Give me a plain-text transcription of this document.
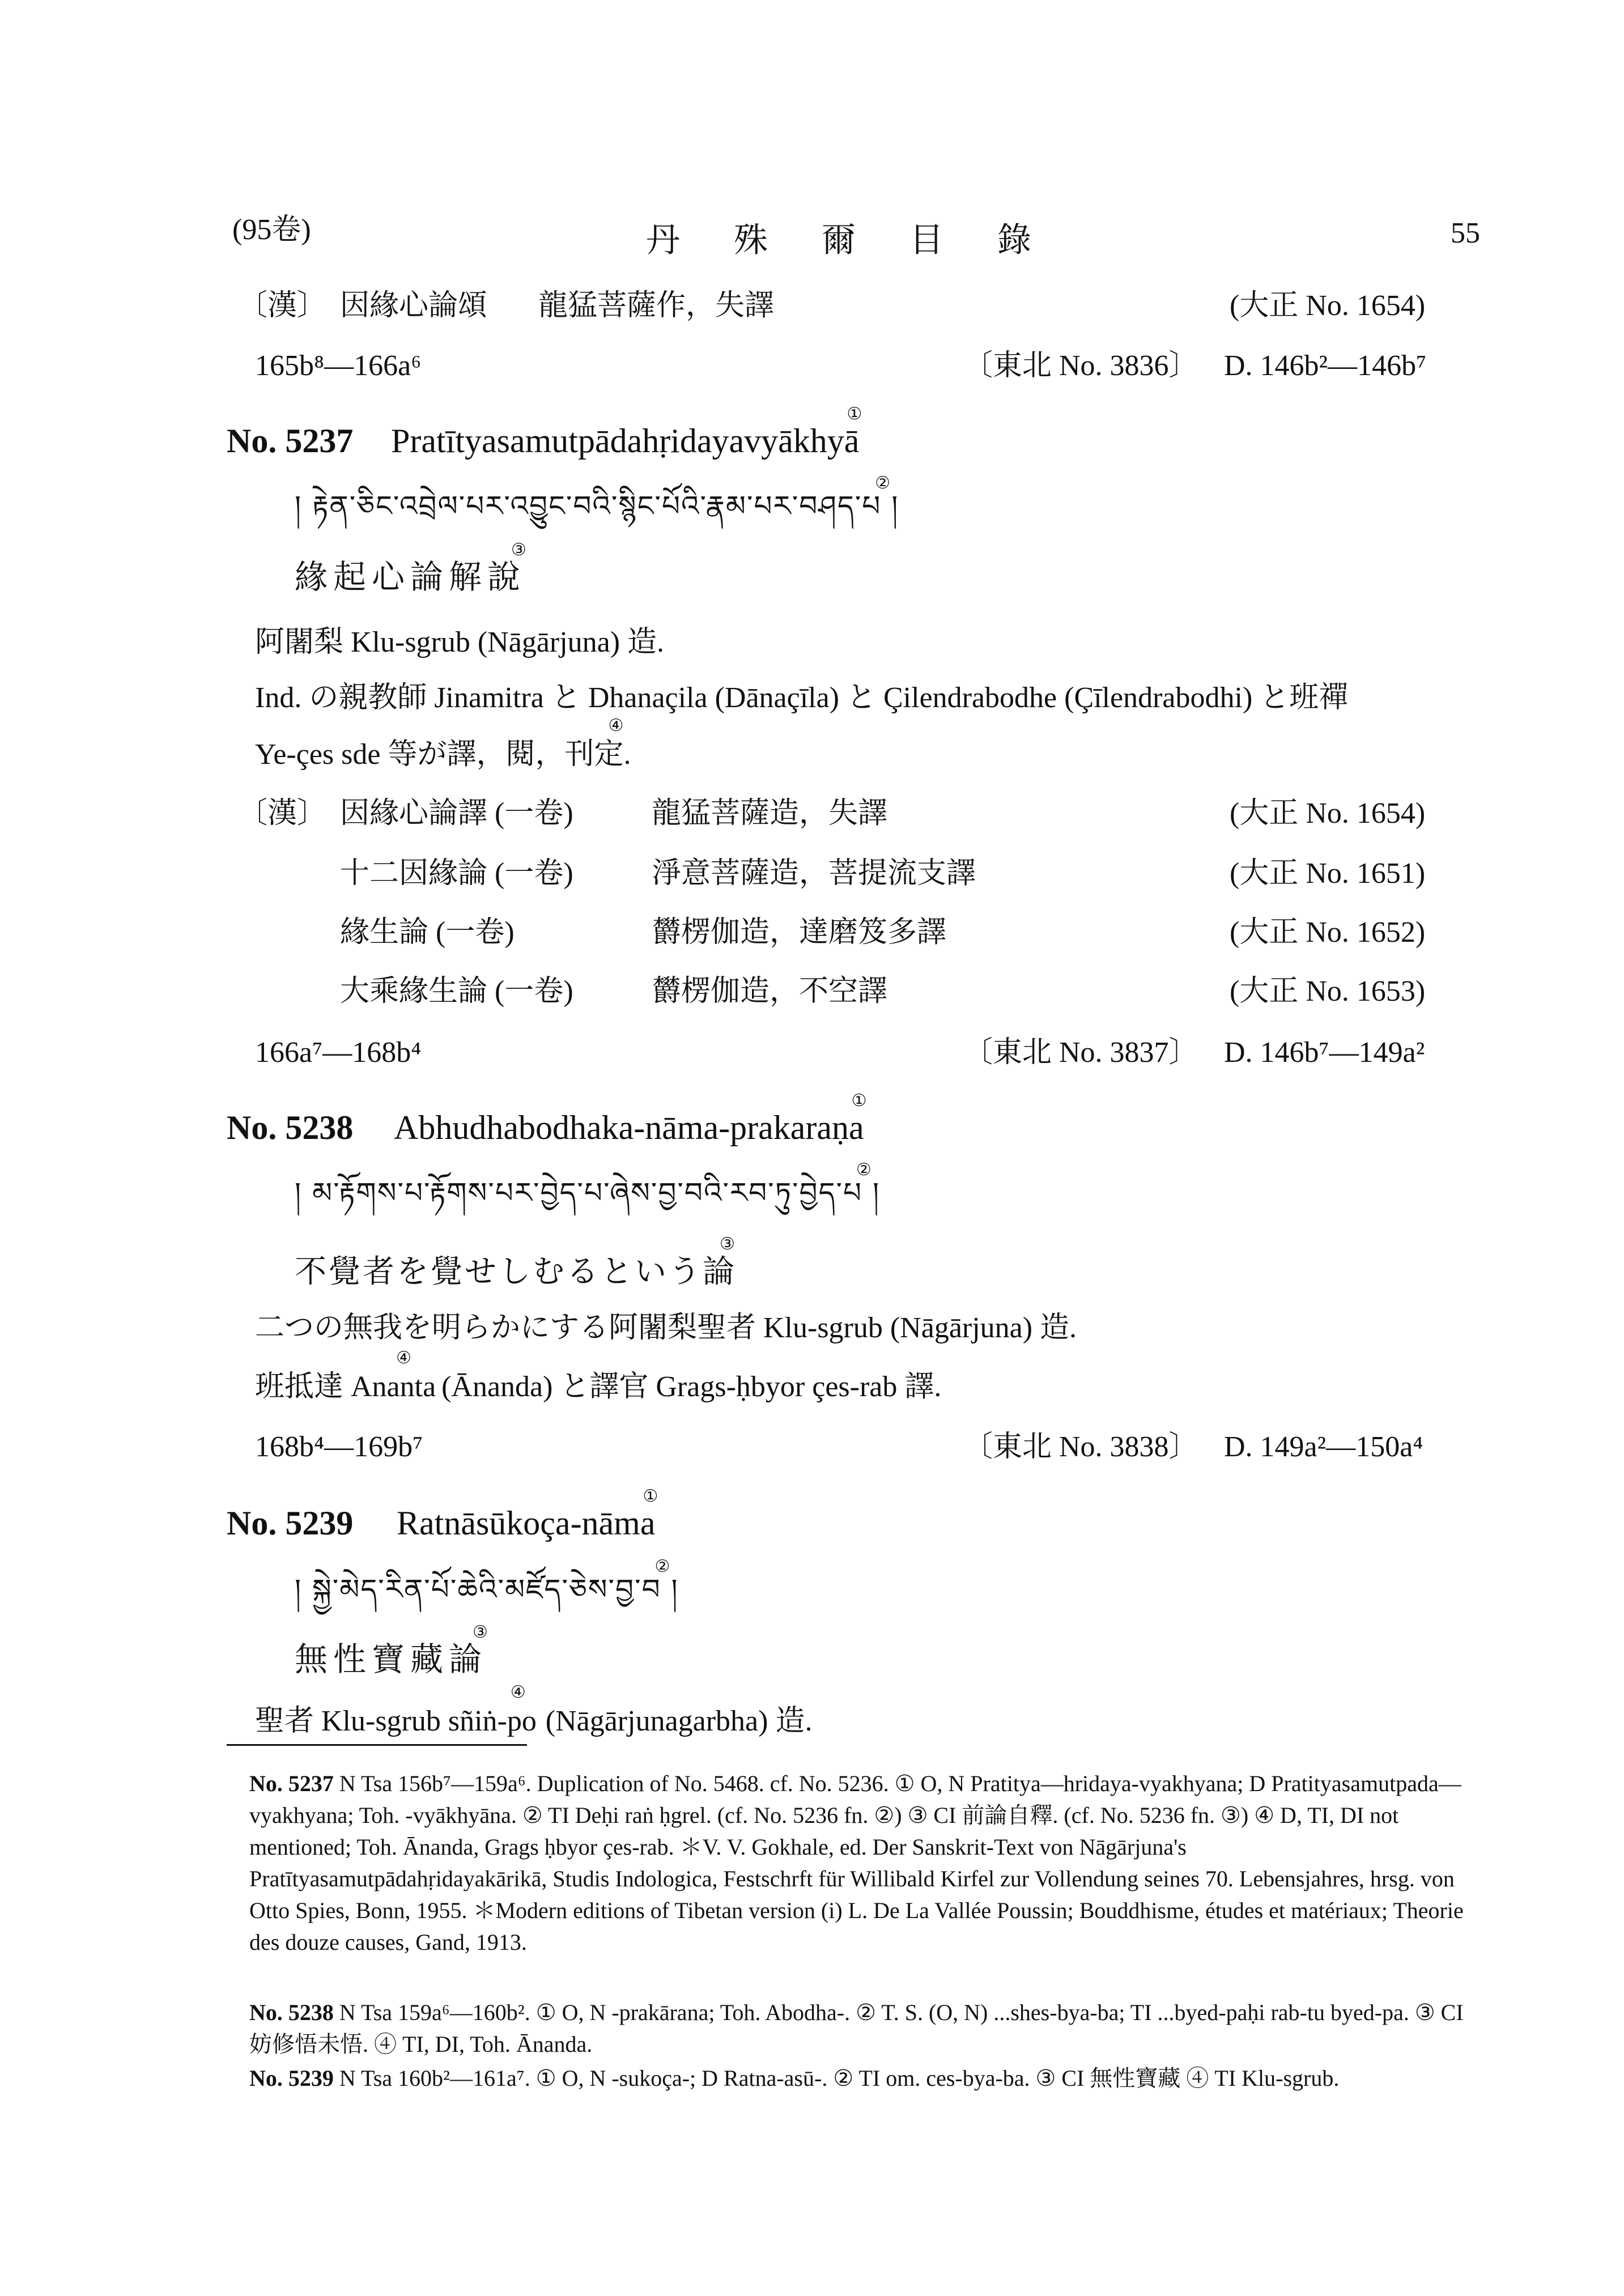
(95卷)	丹 殊 爾 目 錄	55
〔漢〕 因緣心論頌 龍猛菩薩作，失譯	(大正 No. 1654)
165b⁸—166a⁶	〔東北 No. 3836〕 D. 146b²—146b⁷
No. 5237 Pratītyasamutpādahṛidayavyākhyā①
། རྟེན་ཅིང་འབྲེལ་པར་འབྱུང་བའི་སྙིང་པོའི་རྣམ་པར་བཤད་པ ། ②
緣起心論解說③
阿闍梨 Klu-sgrub (Nāgārjuna) 造.
Ind. の親教師 Jinamitra と Dhanaçila (Dānaçīla) と Çilendrabodhe (Çīlendrabodhi) と班禪
Ye-çes sde 等が譯，閱，刊定.④
〔漢〕 因緣心論譯 (一卷)	龍猛菩薩造，失譯	(大正 No. 1654)
十二因緣論 (一卷)	淨意菩薩造，菩提流支譯	(大正 No. 1651)
緣生論 (一卷)	欝楞伽造，達磨笈多譯	(大正 No. 1652)
大乘緣生論 (一卷)	欝楞伽造，不空譯	(大正 No. 1653)
166a⁷—168b⁴	〔東北 No. 3837〕 D. 146b⁷—149a²
No. 5238 Abhudhabodhaka-nāma-prakaraṇa①
། མ་རྟོགས་པ་རྟོགས་པར་བྱེད་པ་ཞེས་བྱ་བའི་རབ་ཏུ་བྱེད་པ ། ②
不覺者を覺せしむるという論③
二つの無我を明らかにする阿闍梨聖者 Klu-sgrub (Nāgārjuna) 造.
班抵達 Ananta④ (Ānanda) と譯官 Grags-ḥbyor çes-rab 譯.
168b⁴—169b⁷	〔東北 No. 3838〕 D. 149a²—150a⁴
No. 5239 Ratnāsūkoça-nāma①
། སྐྱེ་མེད་རིན་པོ་ཆེའི་མཛོད་ཅེས་བྱ་བ ། ②
無性寶藏論③
聖者 Klu-sgrub sñiṅ-po④ (Nāgārjunagarbha) 造.
No. 5237 N Tsa 156b⁷—159a⁶. Duplication of No. 5468. cf. No. 5236. ① O, N Pratitya—hridaya-vyakhyana; D Pratityasamutpada—vyakhyana; Toh. -vyākhyāna. ② TI Deḥi raṅ ḥgrel. (cf. No. 5236 fn. ②) ③ CI 前論自釋. (cf. No. 5236 fn. ③) ④ D, TI, DI not mentioned; Toh. Ānanda, Grags ḥbyor çes-rab. ＊V. V. Gokhale, ed. Der Sanskrit-Text von Nāgārjuna's Pratītyasamutpādahṛidayakārikā, Studis Indologica, Festschrft für Willibald Kirfel zur Vollendung seines 70. Lebensjahres, hrsg. von Otto Spies, Bonn, 1955. ＊Modern editions of Tibetan version (i) L. De La Vallée Poussin; Bouddhisme, études et matériaux; Theorie des douze causes, Gand, 1913.
No. 5238 N Tsa 159a⁶—160b². ① O, N -prakārana; Toh. Abodha-. ② T. S. (O, N) ...shes-bya-ba; TI ...byed-paḥi rab-tu byed-pa. ③ CI 妨修悟未悟. ④ TI, DI, Toh. Ānanda.
No. 5239 N Tsa 160b²—161a⁷. ① O, N -sukoça-; D Ratna-asū-. ② TI om. ces-bya-ba. ③ CI 無性寶藏 ④ TI Klu-sgrub.
